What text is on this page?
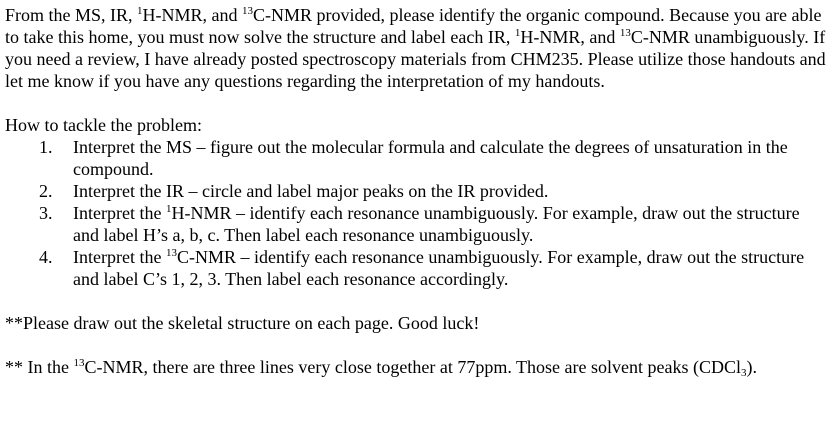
From the MS, IR, $^1$H-NMR, and $^{13}$C-NMR provided, please identify the organic compound. Because you are able to take this home, you must now solve the structure and label each IR, $^1$H-NMR, and $^{13}$C-NMR unambiguously. If you need a review, I have already posted spectroscopy materials from CHM235. Please utilize those handouts and let me know if you have any questions regarding the interpretation of my handouts.

How to tackle the problem:

1. Interpret the MS – figure out the molecular formula and calculate the degrees of unsaturation in the compound.
2. Interpret the IR – circle and label major peaks on the IR provided.
3. Interpret the $^1$H-NMR – identify each resonance unambiguously. For example, draw out the structure and label H’s a, b, c. Then label each resonance unambiguously.
4. Interpret the $^{13}$C-NMR – identify each resonance unambiguously. For example, draw out the structure and label C’s 1, 2, 3. Then label each resonance accordingly.

**Please draw out the skeletal structure on each page. Good luck!

** In the $^{13}$C-NMR, there are three lines very close together at 77ppm. Those are solvent peaks (CDCl$_3$).
